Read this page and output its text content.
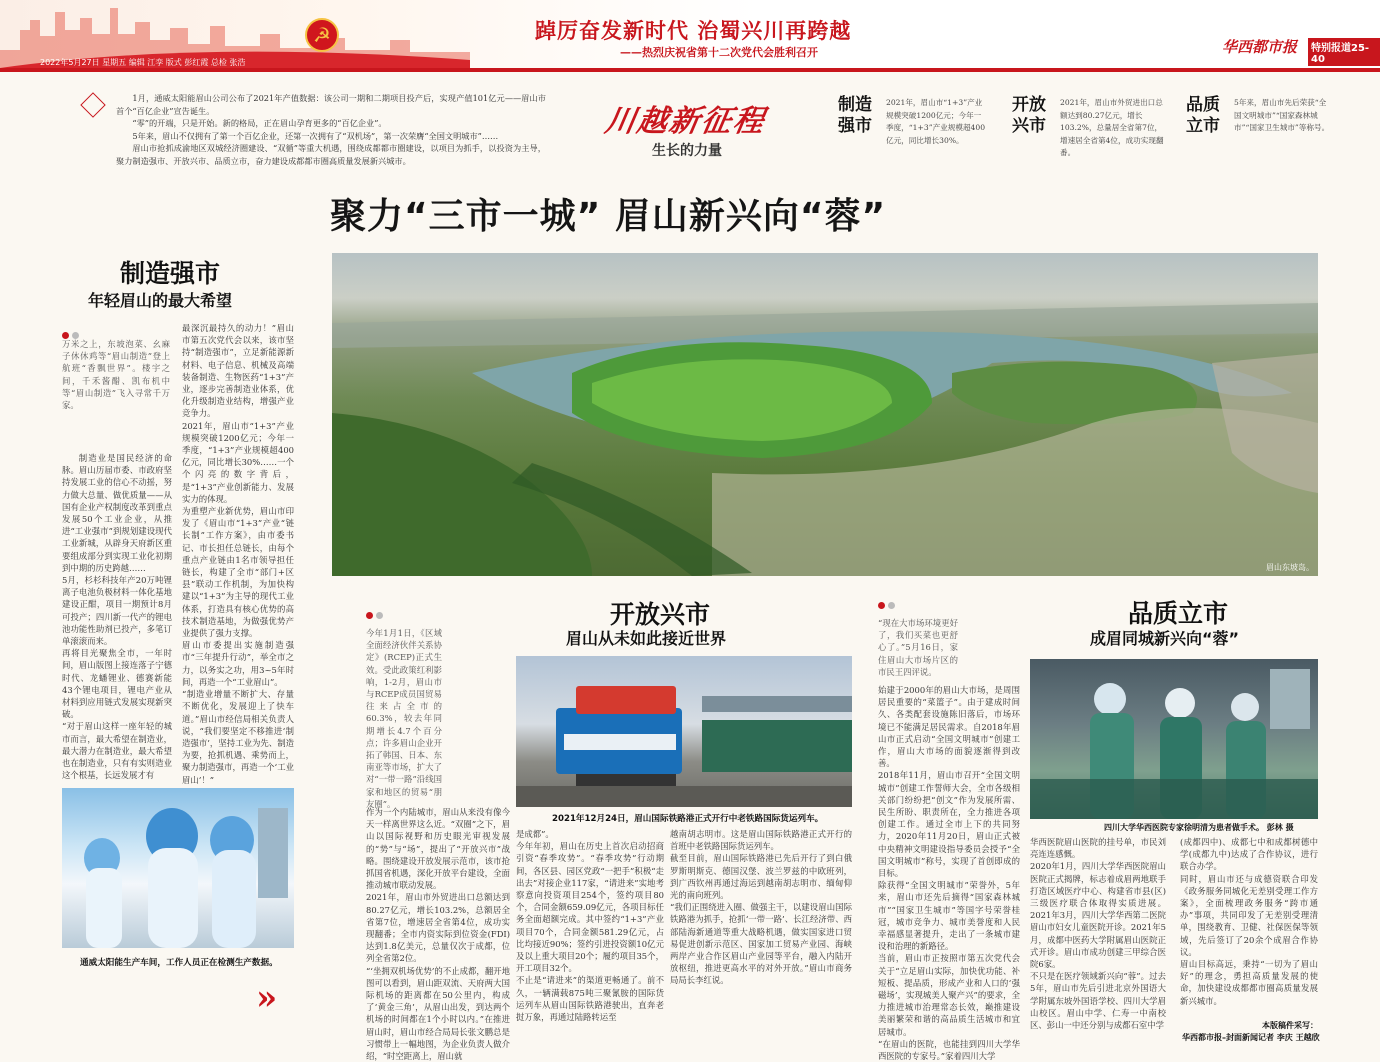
☭	踔厉奋发新时代 治蜀兴川再跨越
——热烈庆祝省第十二次党代会胜利召开	华西都市报	特别报道25-40
2022年5月27日 星期五 编辑 江孪 版式 彭红霞 总检 张浩

1月，通威太阳能眉山公司公布了2021年产值数据：该公司一期和二期项目投产后，实现产值101亿元——眉山市首个“百亿企业”宣告诞生。

“零”的开端，只是开始。新的格局，正在眉山孕育更多的“百亿企业”。

5年来，眉山不仅拥有了第一个百亿企业，还第一次拥有了“双机场”，第一次荣膺“全国文明城市”……

眉山市抢抓成渝地区双城经济圈建设、“双循”等重大机遇，围绕成都都市圈建设，以项目为抓手，以投资为主导，聚力制造强市、开放兴市、品质立市，奋力建设成都都市圈高质量发展新兴城市。

川越新征程
生长的力量
制造强市
2021年，眉山市“1+3”产业规模突破1200亿元；今年一季度，“1+3”产业规模超400亿元，同比增长30%。
开放兴市
2021年，眉山市外贸进出口总额达到80.27亿元，增长103.2%，总量居全省第7位，增速居全省第4位，成功实现翻番。
品质立市
5年来，眉山市先后荣获“全国文明城市”“国家森林城市”“国家卫生城市”等称号。
聚力“三市一城” 眉山新兴向“蓉”
制造强市
年轻眉山的最大希望
万米之上，东坡泡菜、幺麻子休休鸡等“眉山制造”登上航班“香飘世界”。楼宇之间，千禾酱醋、凯布机中等“眉山制造”飞入寻常千万家。
制造业是国民经济的命脉。眉山历届市委、市政府坚持发展工业的信心不动摇，努力做大总量、做优质量——从国有企业产权制度改革到重点发展50个工业企业，从推进“工业强市”到规划建设现代工业新城，从辟身天府新区重要组成部分到实现工业化初期到中期的历史跨越……
5月，杉杉科技年产20万吨锂离子电池负极材料一体化基地建设正酣，项目一期预计8月可投产；四川新一代产的锂电池功能性助剂已投产，多笔订单滚滚而来。
再将目光聚焦全市，一年时间，眉山版图上接连落子宁德时代、龙蟠锂业、德赛新能43个锂电项目，锂电产业从材料到应用链式发展实现新突破。
“对于眉山这样一座年轻的城市而言，最大希望在制造业，最大潜力在制造业，最大希望也在制造业，只有有实则造业这个根基，长远发展才有
最深沉最持久的动力！”眉山市第五次党代会以来，该市坚持“制造强市”，立足新能源新材料、电子信息、机械及高端装备制造、生物医药“1+3”产业，逐步完善制造业体系，优化升级制造业结构，增强产业竞争力。
2021年，眉山市“1+3”产业规模突破1200亿元；今年一季度，“1+3”产业规模超400亿元，同比增长30%……一个个闪亮的数字背后，是“1+3”产业创新能力、发展实力的体现。
为重塑产业新优势，眉山市印发了《眉山市“1+3”产业“链长制”工作方案》，由市委书记、市长担任总链长，由每个重点产业链由1名市领导担任链长，构建了全市“部门+区县”联动工作机制，为加快构建以“1+3”为主导的现代工业体系，打造具有核心优势的高技术制造基地，为做强优势产业提供了强力支撑。
眉山市委提出实施制造强市“三年提升行动”，举全市之力，以务实之功，用3~5年时间，再造一个“工业眉山”。
“制造业增量不断扩大、存量不断优化，发展迎上了快车道。”眉山市经信局相关负责人说，“我们要坚定不移推进‘制造强市’，坚持工业为先、制造为要，抢抓机遇、乘势而上，聚力制造强市，再造一个‘工业眉山’！”
通威太阳能生产车间，工作人员正在检测生产数据。
»
眉山东坡岛。
今年1月1日，《区域全面经济伙伴关系协定》(RCEP)正式生效。受此政策红利影响，1-2月，眉山市与RCEP成员国贸易往来占全市的60.3%，较去年同期增长4.7个百分点；许多眉山企业开拓了韩国、日本、东南亚等市场，扩大了对“一带一路”沿线国家和地区的贸易“朋友圈”。
开放兴市
眉山从未如此接近世界
2021年12月24日，眉山国际铁路港正式开行中老铁路国际货运列车。
作为一个内陆城市，眉山从来没有像今天一样离世界这么近。“双圈”之下，眉山以国际视野和历史眼光审视发展的“势”与“场”，提出了“开放兴市”战略。围绕建设开放发展示范市，该市抢抓国省机遇，深化开放平台建设，全面推动城市联动发展。
2021年，眉山市外贸进出口总额达到80.27亿元，增长103.2%，总额居全省第7位，增速居全省第4位，成功实现翻番；全市内资实际到位资金(FDI)达到1.8亿美元，总量仅次于成都，位列全省第2位。
“‘坐拥双机场优势’的不止成都，翻开地图可以看到，眉山距双流、天府两大国际机场的距离都在50公里内，构成了‘黄金三角’，从眉山出发，到达两个机场的时间都在1个小时以内。”在推进眉山时，眉山市经合局局长张文鹏总是习惯带上一幅地图，为企业负责人做介绍，“时空距离上，眉山就
是成都”。
今年年初，眉山在历史上首次启动招商引资“春季攻势”。“春季攻势”行动期间，各区县、园区党政“一把手”积极“走出去”对接企业117家，“请进来”实地考察意向投资项目254个，签约项目80个，合同金额659.09亿元，各项目标任务全面超额完成。其中签约“1+3”产业项目70个，合同金额581.29亿元，占比均接近90%；签约引进投资额10亿元及以上重大项目20个；履约项目35个，开工项目32个。
不止是“请进来”的渠道更畅通了。前不久，一辆满载875吨三聚氰胺的国际货运列车从眉山国际铁路港驶出，直奔老挝万象，再通过陆路转运至
越南胡志明市。这是眉山国际铁路港正式开行的首班中老铁路国际货运列车。
截至目前，眉山国际铁路港已先后开行了到白俄罗斯明斯克、德国汉堡、波兰罗兹的中欧班列，到广西钦州再通过海运到越南胡志明市、缅甸仰光的南向班列。
“我们正围绕进入圈、做强主干，以建设眉山国际铁路港为抓手，抢抓‘一带一路’、长江经济带、西部陆海新通道等重大战略机遇，做实国家进口贸易促进创新示范区、国家加工贸易产业园、海峡两岸产业合作区眉山产业园等平台，融入内陆开放枢纽，推进更高水平的对外开放。”眉山市商务局局长李红说。
“现在大市场环境更好了，我们买菜也更舒心了。”5月16日，家住眉山大市场片区的市民王四评说。
品质立市
成眉同城新兴向“蓉”
四川大学华西医院专家徐明清为患者做手术。 彭林 摄
始建于2000年的眉山大市场，是周围居民重要的“菜篮子”。由于建成时间久、各类配套设施陈旧落后，市场环境已不能满足居民需求。自2018年眉山市正式启动“全国文明城市”创建工作，眉山大市场的面貌逐渐得到改善。
2018年11月，眉山市召开“全国文明城市”创建工作誓师大会，全市各级相关部门纷纷把“创文”作为发展所需、民生所盼、职责所在，全力推进各项创建工作。通过全市上下的共同努力，2020年11月20日，眉山正式被中央精神文明建设指导委员会授予“全国文明城市”称号，实现了首创即成的目标。
除获得“全国文明城市”荣誉外，5年来，眉山市还先后摘得“国家森林城市”“国家卫生城市”等国字号荣誉桂冠，城市竞争力、城市美誉度和人民幸福感显著提升，走出了一条城市建设和治理的新路径。
当前，眉山市正按照市第五次党代会关于“立足眉山实际，加快优功能、补短板、提品质，形成产业和人口的‘强磁场’，实现城美人聚产兴”的要求，全力推进城市治理常态长效，巅推建设美丽繁荣和谐的高品质生活城市和宜居城市。
“在眉山的医院，也能挂到四川大学华西医院的专家号。”家着四川大学
华西医院眉山医院的挂号单，市民刘亮连连感慨。
2020年1月，四川大学华西医院眉山医院正式揭牌，标志着成眉两地联手打造区域医疗中心、构建省市县(区)三级医疗联合体取得实质进展。2021年3月，四川大学华西第二医院眉山市妇女儿童医院开诊。2021年5月，成都中医药大学附属眉山医院正式开诊。眉山市成功创建三甲综合医院6家。
不只是在医疗领域新兴向“蓉”。过去5年，眉山市先后引进北京外国语大学附属东坡外国语学校、四川大学眉山校区。眉山中学、仁寿一中南校区、彭山一中还分别与成都石室中学
(成都四中)、成都七中和成都树德中学(成都九中)达成了合作协议，进行联合办学。
同时，眉山市还与成德资联合印发《政务服务同城化无差别受理工作方案》，全面梳理政务服务“跨市通办”事项，共同印发了无差别受理清单，围绕教育、卫健、社保医保等领域，先后签订了20余个成眉合作协议。
眉山目标高远，秉持“一切为了眉山好”的理念，勇担高质量发展的使命，加快建设成都都市圈高质量发展新兴城市。
本版稿件采写：
华西都市报–封面新闻记者 李庆 王越欣
